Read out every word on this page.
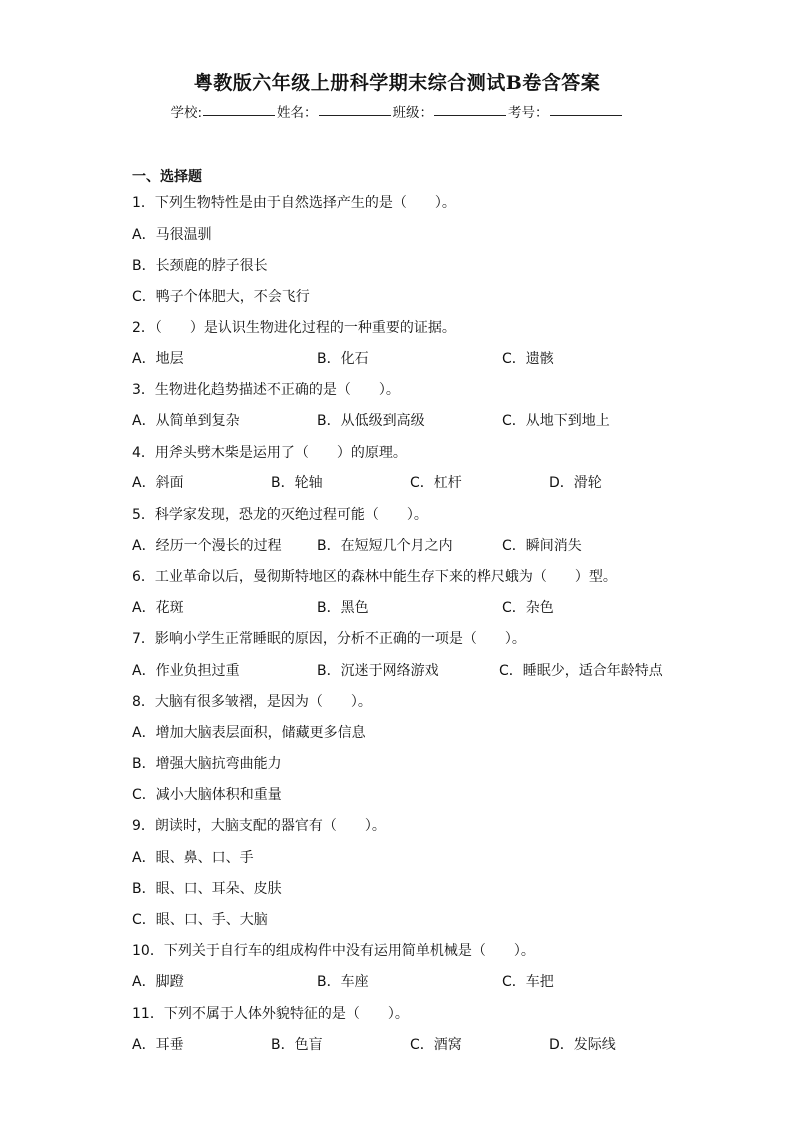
粤教版六年级上册科学期末综合测试B卷含答案
学校:	姓名：	班级：	考号：
一、选择题
1．下列生物特性是由于自然选择产生的是（　　）。
A．马很温驯
B．长颈鹿的脖子很长
C．鸭子个体肥大，不会飞行
2．（　　）是认识生物进化过程的一种重要的证据。
A．地层	B．化石	C．遗骸
3．生物进化趋势描述不正确的是（　　）。
A．从简单到复杂	B．从低级到高级	C．从地下到地上
4．用斧头劈木柴是运用了（　　）的原理。
A．斜面	B．轮轴	C．杠杆	D．滑轮
5．科学家发现，恐龙的灭绝过程可能（　　）。
A．经历一个漫长的过程	B．在短短几个月之内	C．瞬间消失
6．工业革命以后，曼彻斯特地区的森林中能生存下来的桦尺蛾为（　　）型。
A．花斑	B．黑色	C．杂色
7．影响小学生正常睡眠的原因，分析不正确的一项是（　　）。
A．作业负担过重	B．沉迷于网络游戏	C．睡眠少，适合年龄特点
8．大脑有很多皱褶，是因为（　　）。
A．增加大脑表层面积，储藏更多信息
B．增强大脑抗弯曲能力
C．减小大脑体积和重量
9．朗读时，大脑支配的器官有（　　）。
A．眼、鼻、口、手
B．眼、口、耳朵、皮肤
C．眼、口、手、大脑
10．下列关于自行车的组成构件中没有运用简单机械是（　　）。
A．脚蹬	B．车座	C．车把
11．下列不属于人体外貌特征的是（　　）。
A．耳垂	B．色盲	C．酒窝	D．发际线
